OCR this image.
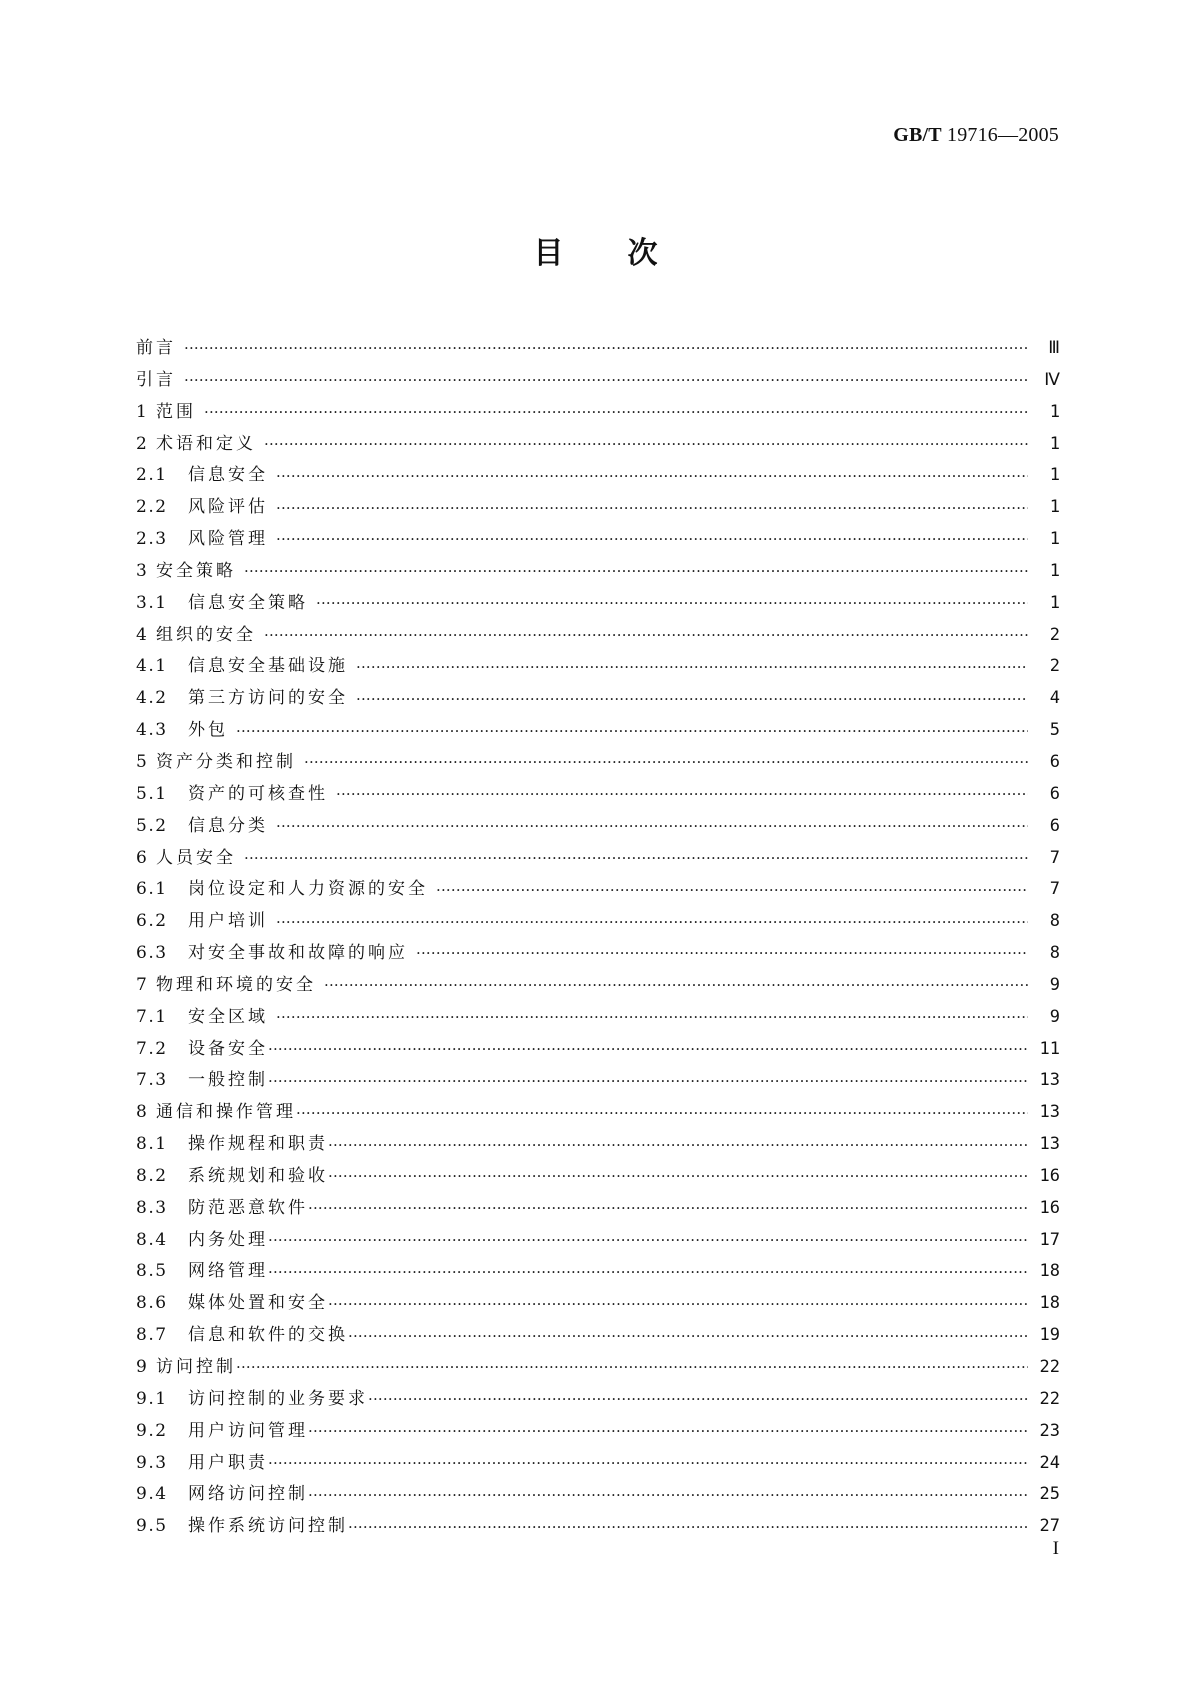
GB/T 19716—2005
目次
前言 ·····	Ⅲ
引言 ·····	Ⅳ
1 范围 ·····	1
2 术语和定义 ·····	1
2.1	信息安全 ·····	1
2.2	风险评估 ·····	1
2.3	风险管理 ·····	1
3 安全策略 ·····	1
3.1	信息安全策略 ·····	1
4 组织的安全 ·····	2
4.1	信息安全基础设施 ·····	2
4.2	第三方访问的安全 ·····	4
4.3	外包 ·····	5
5 资产分类和控制 ·····	6
5.1	资产的可核查性 ·····	6
5.2	信息分类 ·····	6
6 人员安全 ·····	7
6.1	岗位设定和人力资源的安全 ·····	7
6.2	用户培训 ·····	8
6.3	对安全事故和故障的响应 ·····	8
7 物理和环境的安全 ·····	9
7.1	安全区域 ·····	9
7.2	设备安全 ·····	11
7.3	一般控制 ·····	13
8 通信和操作管理 ·····	13
8.1	操作规程和职责 ·····	13
8.2	系统规划和验收 ·····	16
8.3	防范恶意软件 ·····	16
8.4	内务处理 ·····	17
8.5	网络管理 ·····	18
8.6	媒体处置和安全 ·····	18
8.7	信息和软件的交换 ·····	19
9 访问控制 ·····	22
9.1	访问控制的业务要求 ·····	22
9.2	用户访问管理 ·····	23
9.3	用户职责 ·····	24
9.4	网络访问控制 ·····	25
9.5	操作系统访问控制 ·····	27
I
